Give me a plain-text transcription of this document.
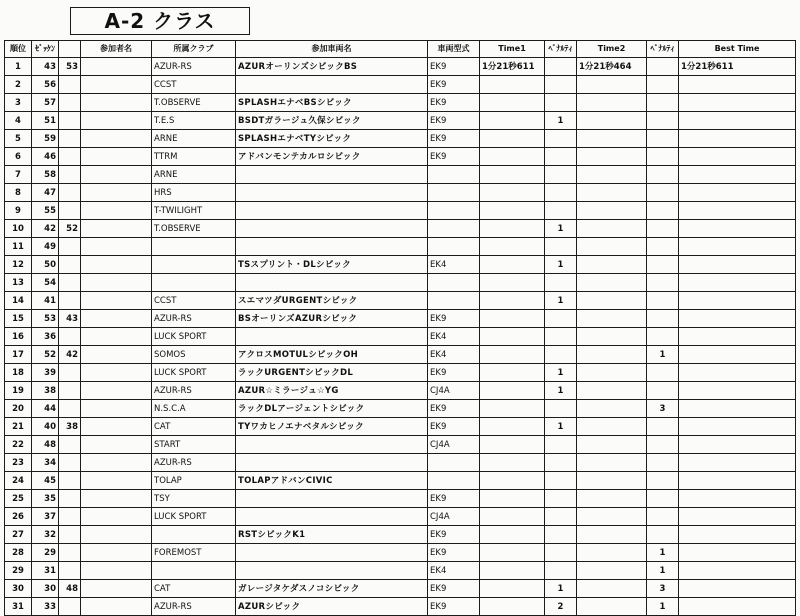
A-2 クラス
順位	ｾﾞｯｹﾝ		参加者名	所属クラブ	参加車両名	車両型式	Time1	ﾍﾟﾅﾙﾃｨ	Time2	ﾍﾟﾅﾙﾃｨ	Best Time
1	43	53		AZUR-RS	AZURオーリンズシビックBS	EK9	1分21秒611		1分21秒464		1分21秒611
2	56			CCST		EK9					
3	57			T.OBSERVE	SPLASHエナベBSシビック	EK9					
4	51			T.E.S	BSDTガラージュ久保シビック	EK9		1			
5	59			ARNE	SPLASHエナベTYシビック	EK9					
6	46			TTRM	アドバンモンテカルロシビック	EK9					
7	58			ARNE							
8	47			HRS							
9	55			T-TWILIGHT							
10	42	52		T.OBSERVE				1			
11	49										
12	50				TSスプリント・DLシビック	EK4		1			
13	54										
14	41			CCST	スエマツダURGENTシビック			1			
15	53	43		AZUR-RS	BSオーリンズAZURシビック	EK9					
16	36			LUCK SPORT		EK4					
17	52	42		SOMOS	アクロスMOTULシビックOH	EK4				1	
18	39			LUCK SPORT	ラックURGENTシビックDL	EK9		1			
19	38			AZUR-RS	AZUR☆ミラージュ☆YG	CJ4A		1			
20	44			N.S.C.A	ラックDLアージェントシビック	EK9				3	
21	40	38		CAT	TYワカヒノエナベタルシビック	EK9		1			
22	48			START		CJ4A					
23	34			AZUR-RS							
24	45			TOLAP	TOLAPアドバンCIVIC						
25	35			TSY		EK9					
26	37			LUCK SPORT		CJ4A					
27	32				RSTシビックK1	EK9					
28	29			FOREMOST		EK9				1	
29	31					EK4				1	
30	30	48		CAT	ガレージタケダスノコシビック	EK9		1		3	
31	33			AZUR-RS	AZURシビック	EK9		2		1	
